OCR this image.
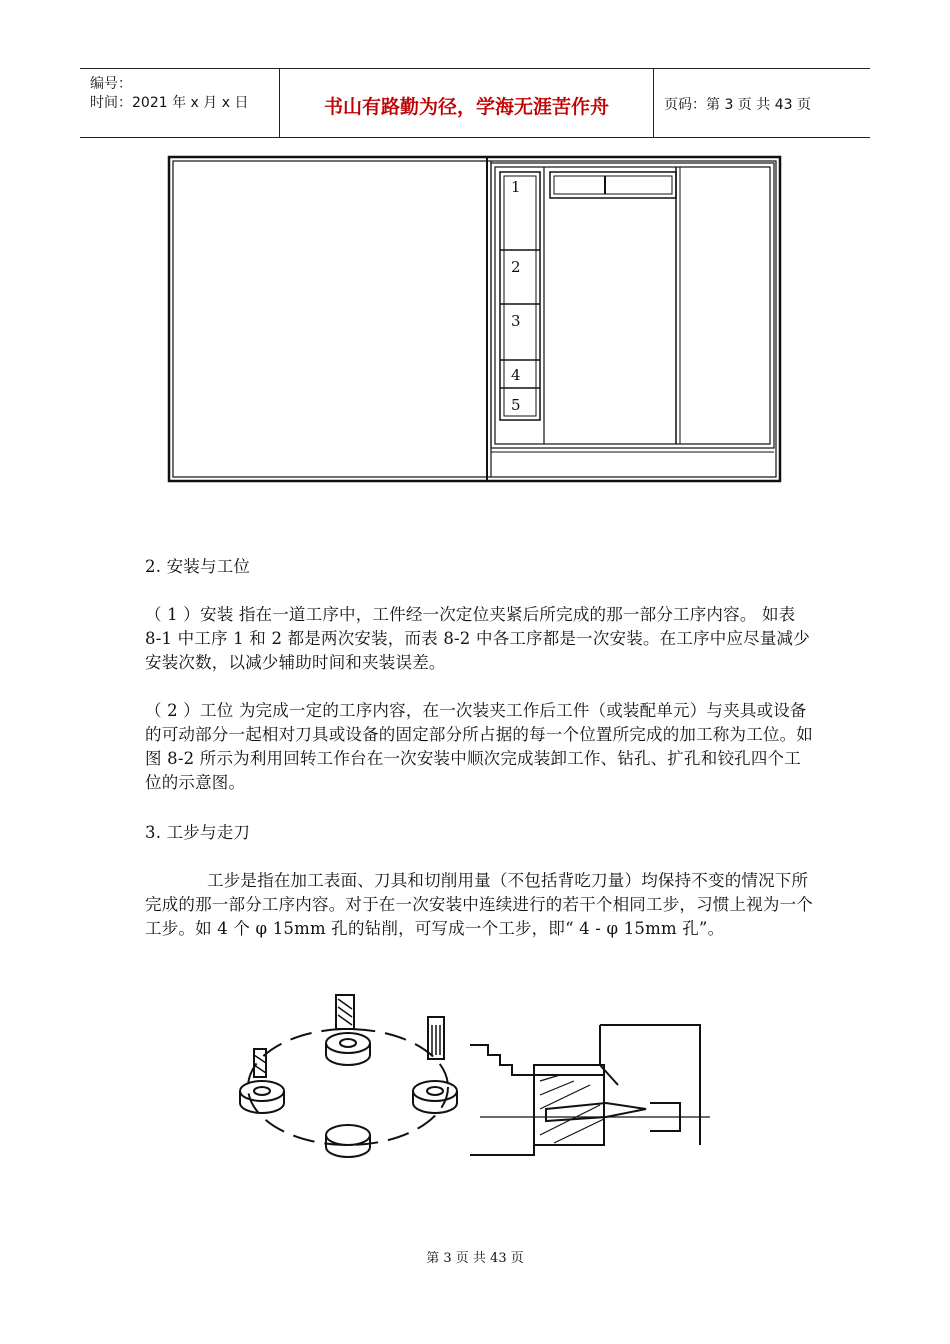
编号：
时间：2021 年 x 月 x 日	书山有路勤为径，学海无涯苦作舟	页码：第 3 页 共 43 页
1
2
3
4
5
2. 安装与工位

（ 1 ）安装 指在一道工序中，工件经一次定位夹紧后所完成的那一部分工序内容。 如表 8-1 中工序 1 和 2 都是两次安装，而表 8-2 中各工序都是一次安装。在工序中应尽量减少安装次数，以减少辅助时间和夹装误差。

（ 2 ）工位 为完成一定的工序内容，在一次装夹工作后工件（或装配单元）与夹具或设备的可动部分一起相对刀具或设备的固定部分所占据的每一个位置所完成的加工称为工位。如图 8-2 所示为利用回转工作台在一次安装中顺次完成装卸工作、钻孔、扩孔和铰孔四个工位的示意图。

3. 工步与走刀

工步是指在加工表面、刀具和切削用量（不包括背吃刀量）均保持不变的情况下所完成的那一部分工序内容。对于在一次安装中连续进行的若干个相同工步，习惯上视为一个工步。如 4 个 φ 15mm 孔的钻削，可写成一个工步，即“ 4 - φ 15mm 孔”。

第 3 页 共 43 页
